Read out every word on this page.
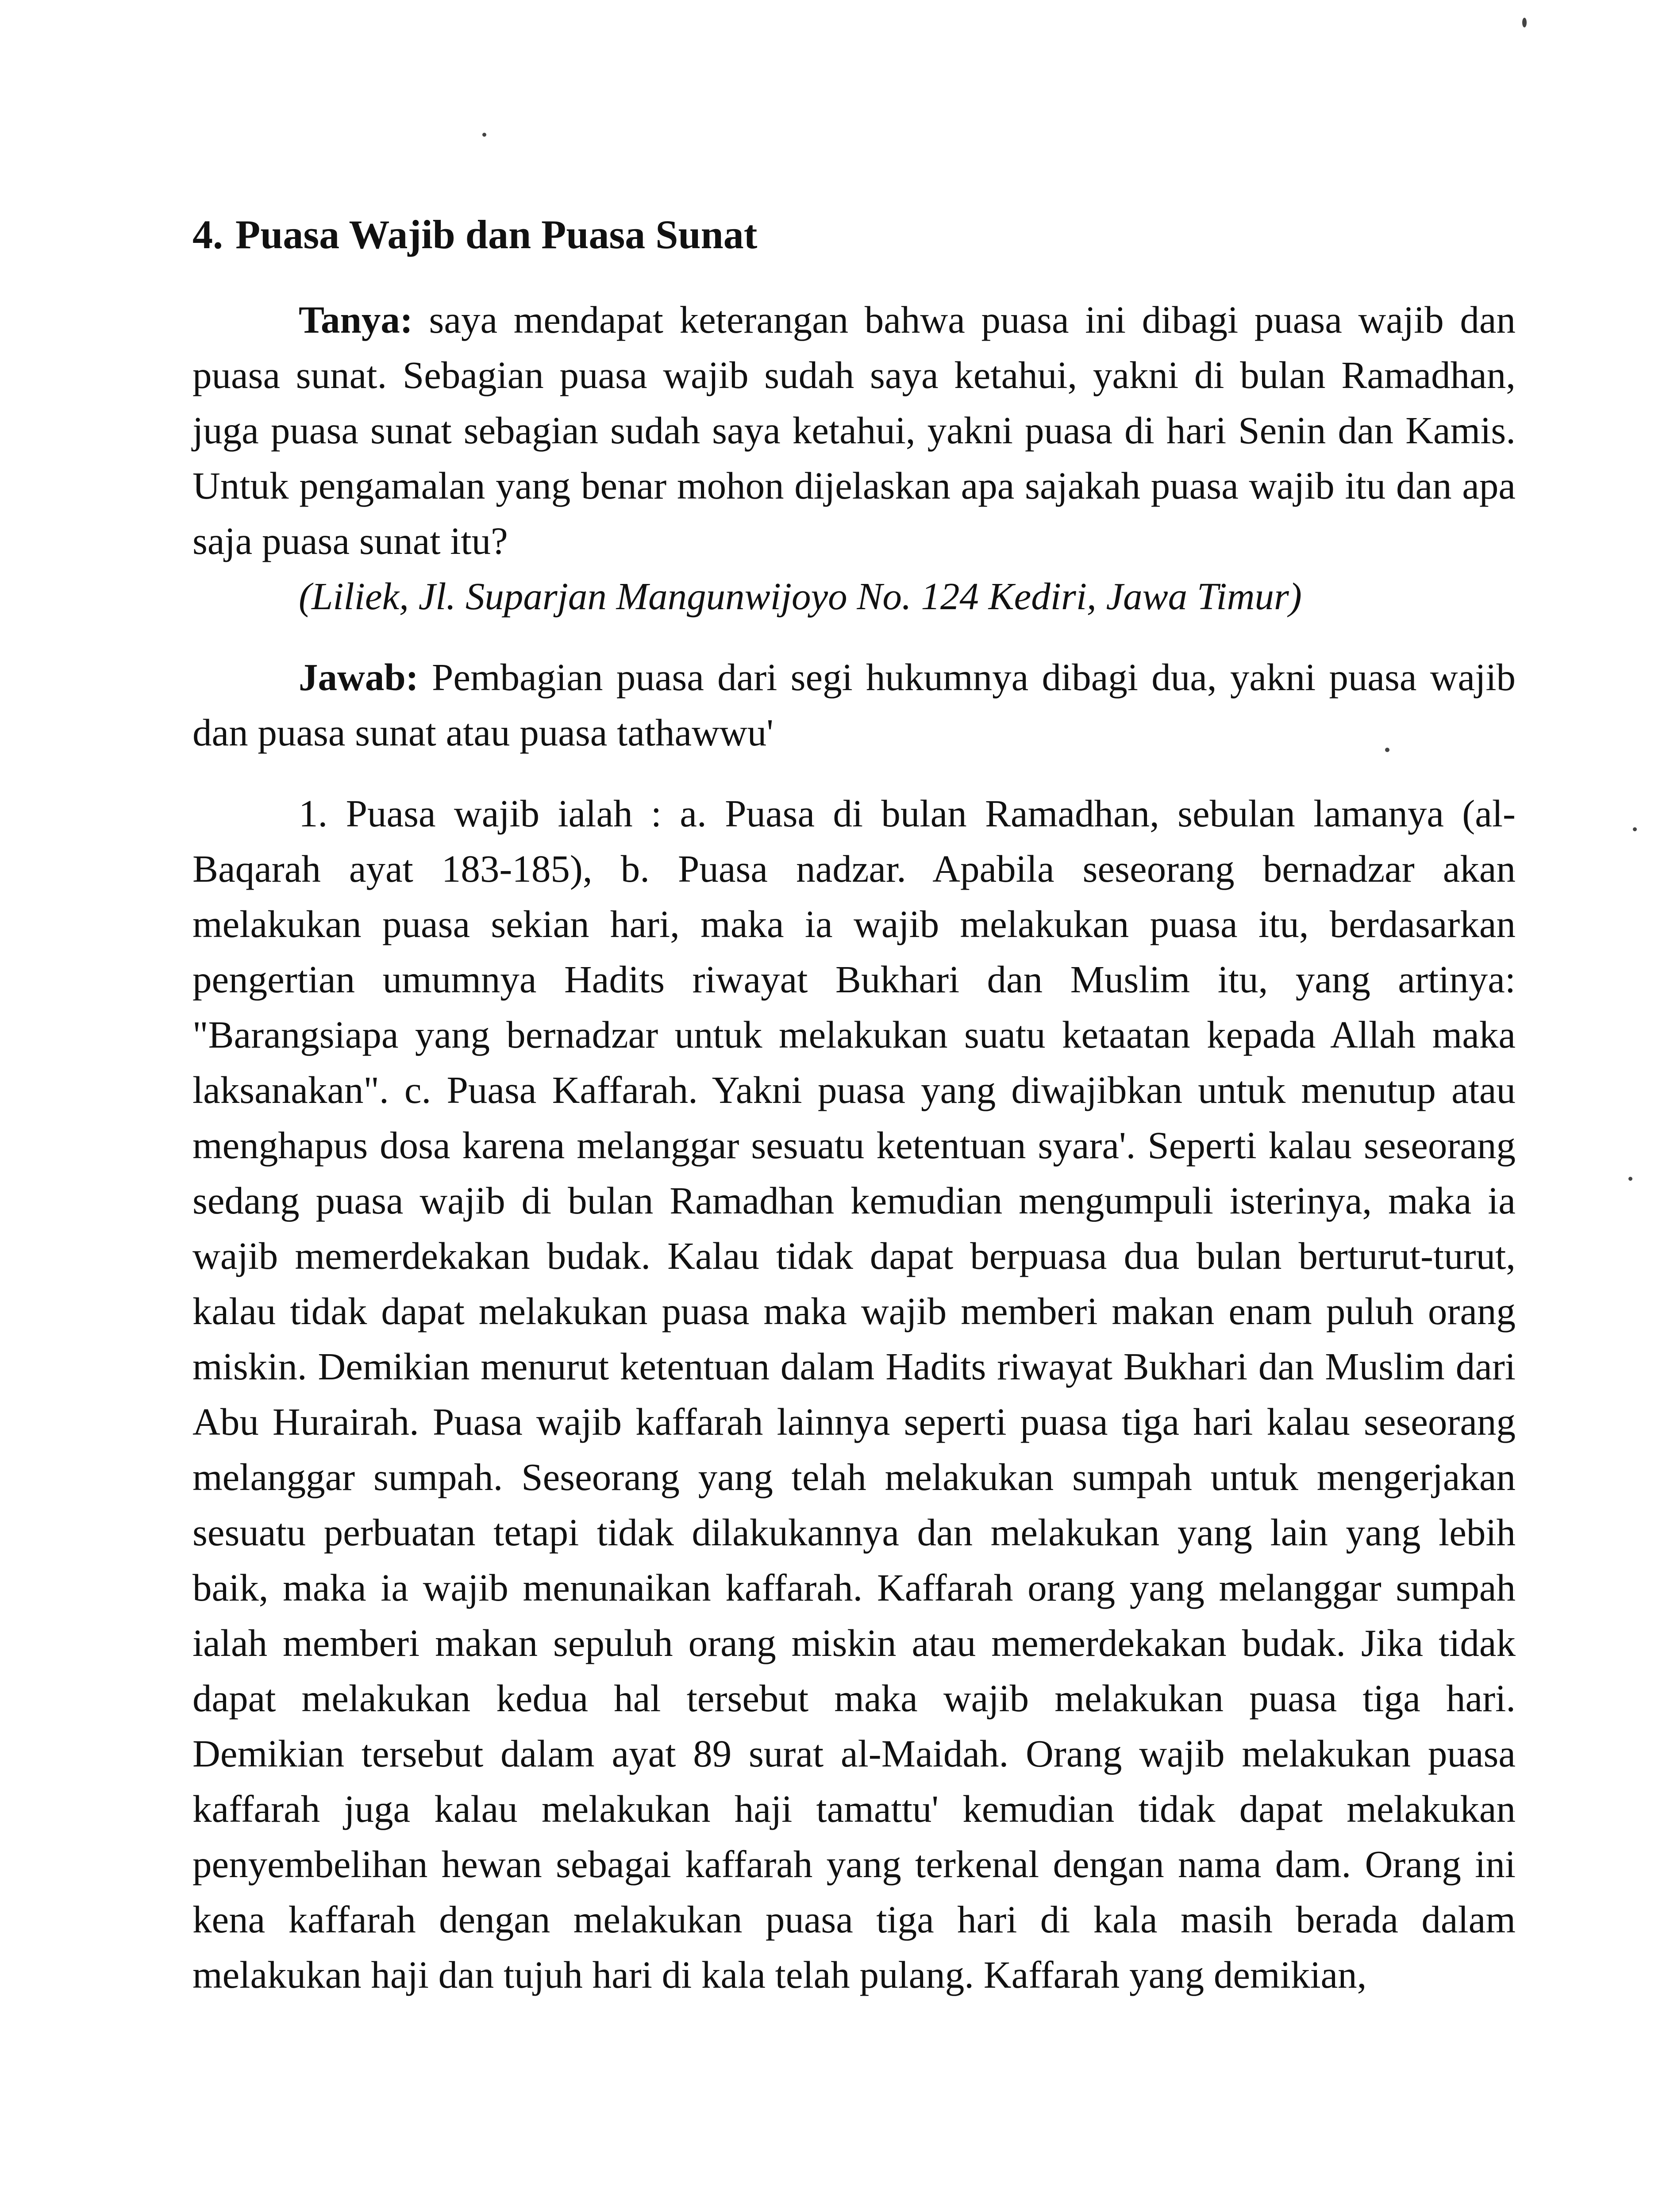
4. Puasa Wajib dan Puasa Sunat

Tanya: saya mendapat keterangan bahwa puasa ini dibagi puasa wajib dan puasa sunat. Sebagian puasa wajib sudah saya ketahui, yakni di bulan Ramadhan, juga puasa sunat sebagian sudah saya ketahui, yakni puasa di hari Senin dan Kamis. Untuk pengamalan yang benar mohon dijelaskan apa sajakah puasa wajib itu dan apa saja puasa sunat itu?
(Liliek, Jl. Suparjan Mangunwijoyo No. 124 Kediri, Jawa Timur)

Jawab: Pembagian puasa dari segi hukumnya dibagi dua, yakni puasa wajib dan puasa sunat atau puasa tathawwu'

1. Puasa wajib ialah : a. Puasa di bulan Ramadhan, sebulan lamanya (al-Baqarah ayat 183-185), b. Puasa nadzar. Apabila seseorang bernadzar akan melakukan puasa sekian hari, maka ia wajib melakukan puasa itu, berdasarkan pengertian umumnya Hadits riwayat Bukhari dan Muslim itu, yang artinya: "Barangsiapa yang bernadzar untuk melakukan suatu ketaatan kepada Allah maka laksanakan". c. Puasa Kaffarah. Yakni puasa yang diwajibkan untuk menutup atau menghapus dosa karena melanggar sesuatu ketentuan syara'. Seperti kalau seseorang sedang puasa wajib di bulan Ramadhan kemudian mengumpuli isterinya, maka ia wajib memerdekakan budak. Kalau tidak dapat berpuasa dua bulan berturut-turut, kalau tidak dapat melakukan puasa maka wajib memberi makan enam puluh orang miskin. Demikian menurut ketentuan dalam Hadits riwayat Bukhari dan Muslim dari Abu Hurairah. Puasa wajib kaffarah lainnya seperti puasa tiga hari kalau seseorang melanggar sumpah. Seseorang yang telah melakukan sumpah untuk mengerjakan sesuatu perbuatan tetapi tidak dilakukannya dan melakukan yang lain yang lebih baik, maka ia wajib menunaikan kaffarah. Kaffarah orang yang melanggar sumpah ialah memberi makan sepuluh orang miskin atau memerdekakan budak. Jika tidak dapat melakukan kedua hal tersebut maka wajib melakukan puasa tiga hari. Demikian tersebut dalam ayat 89 surat al-Maidah. Orang wajib melakukan puasa kaffarah juga kalau melakukan haji tamattu' kemudian tidak dapat melakukan penyembelihan hewan sebagai kaffarah yang terkenal dengan nama dam. Orang ini kena kaffarah dengan melakukan puasa tiga hari di kala masih berada dalam melakukan haji dan tujuh hari di kala telah pulang. Kaffarah yang demikian,
